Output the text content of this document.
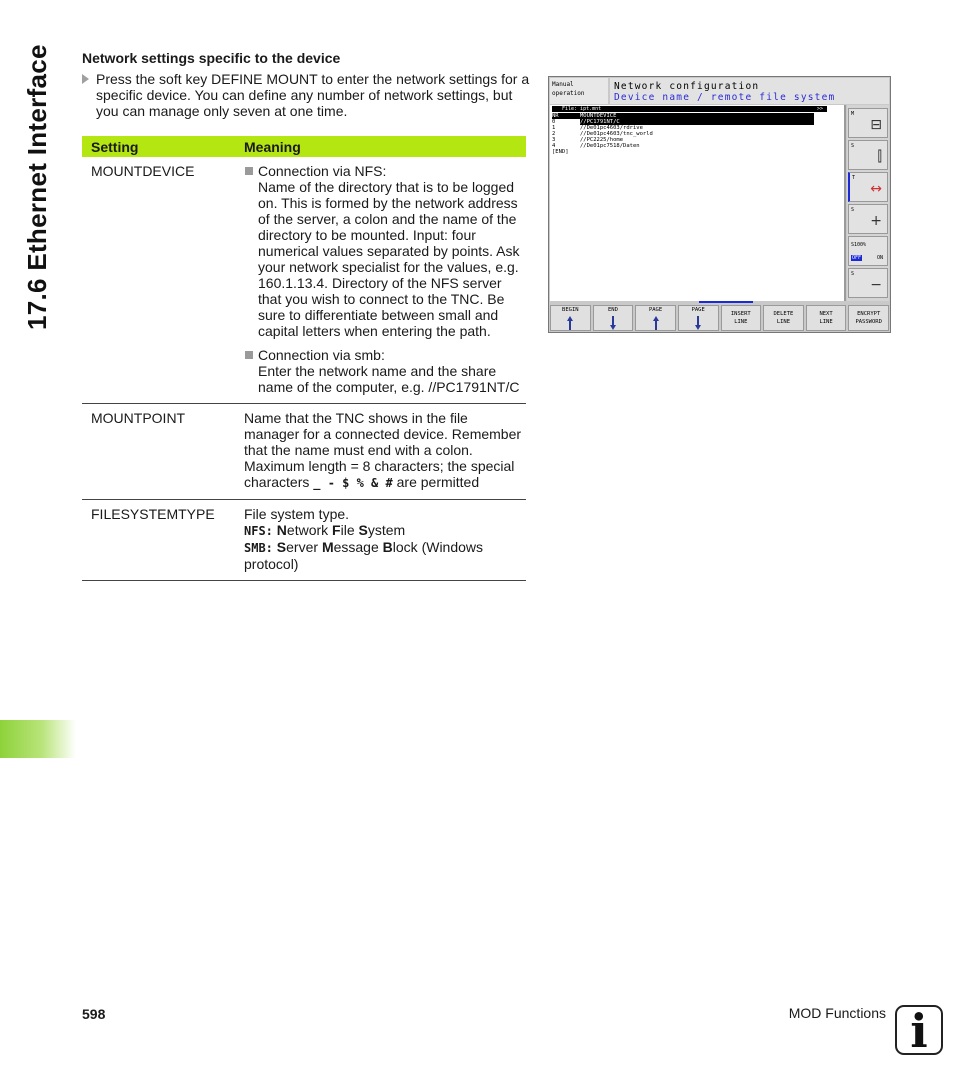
17.6 Ethernet Interface Network settings specific to the device
Press the soft key DEFINE MOUNT to enter the network settings for a specific device. You can define any number of network settings, but you can manage only seven at one time.
Setting	Meaning
MOUNTDEVICE	Connection via NFS:
Name of the directory that is to be logged on. This is formed by the network address of the server, a colon and the name of the directory to be mounted. Input: four numerical values separated by points. Ask your network specialist for the values, e.g. 160.1.13.4. Directory of the NFS server that you wish to connect to the TNC. Be sure to differentiate between small and capital letters when entering the path.
Connection via smb:
Enter the network name and the share name of the computer, e.g. //PC1791NT/C
MOUNTPOINT	Name that the TNC shows in the file manager for a connected device. Remember that the name must end with a colon. Maximum length = 8 characters; the special characters _ - $ % & # are permitted
FILESYSTEMTYPE	File system type.
NFS: Network File System
SMB: Server Message Block (Windows protocol)
Manual
operation
Network configuration
Device name / remote file system
File: ipt.mnt	>>
NR	MOUNTDEVICE
0	//PC1791NT/C
1	//De01pc4603/rdrive
2	//De01pc4603/tnc_world
3	//PC2225/home
4	//De01pc7518/Daten
[END]
M
⊟
S
⫿
T
↔
S
+
S100%
OFF	ON
S
−
BEGIN	END	PAGE	PAGE
INSERT
LINE
DELETE
LINE
NEXT
LINE
ENCRYPT
PASSWORD
598	MOD Functions i
